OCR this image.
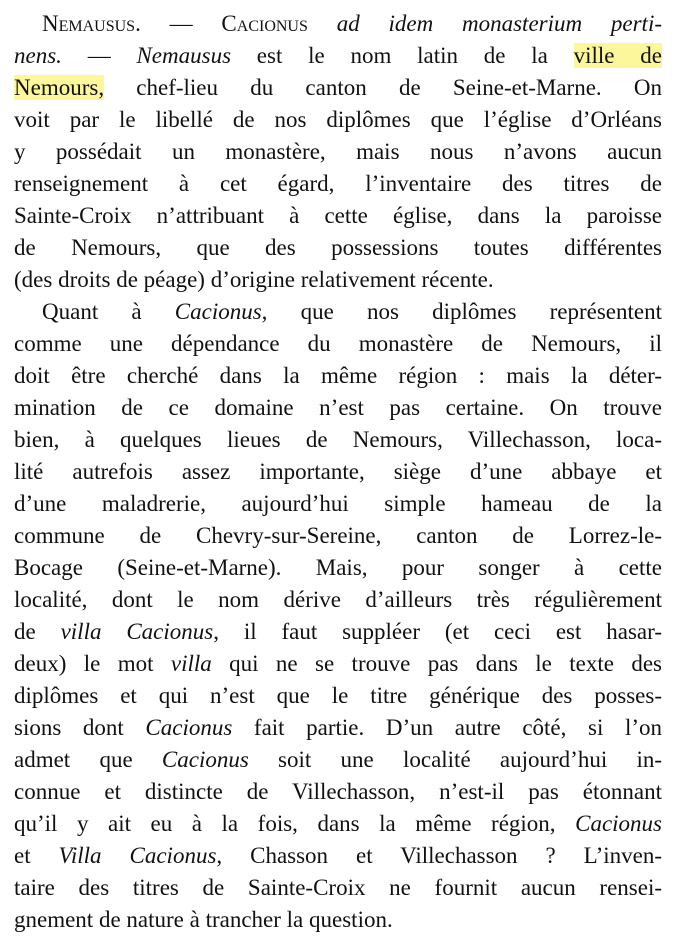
Nemausus. — Cacionus ad idem monasterium perti-
nens. — Nemausus est le nom latin de la ville de
Nemours, chef-lieu du canton de Seine-et-Marne. On
voit par le libellé de nos diplômes que l’église d’Orléans
y possédait un monastère, mais nous n’avons aucun
renseignement à cet égard, l’inventaire des titres de
Sainte-Croix n’attribuant à cette église, dans la paroisse
de Nemours, que des possessions toutes différentes
(des droits de péage) d’origine relativement récente.
Quant à Cacionus, que nos diplômes représentent
comme une dépendance du monastère de Nemours, il
doit être cherché dans la même région : mais la déter-
mination de ce domaine n’est pas certaine. On trouve
bien, à quelques lieues de Nemours, Villechasson, loca-
lité autrefois assez importante, siège d’une abbaye et
d’une maladrerie, aujourd’hui simple hameau de la
commune de Chevry-sur-Sereine, canton de Lorrez-le-
Bocage (Seine-et-Marne). Mais, pour songer à cette
localité, dont le nom dérive d’ailleurs très régulièrement
de villa Cacionus, il faut suppléer (et ceci est hasar-
deux) le mot villa qui ne se trouve pas dans le texte des
diplômes et qui n’est que le titre générique des posses-
sions dont Cacionus fait partie. D’un autre côté, si l’on
admet que Cacionus soit une localité aujourd’hui in-
connue et distincte de Villechasson, n’est-il pas étonnant
qu’il y ait eu à la fois, dans la même région, Cacionus
et Villa Cacionus, Chasson et Villechasson ? L’inven-
taire des titres de Sainte-Croix ne fournit aucun rensei-
gnement de nature à trancher la question.
